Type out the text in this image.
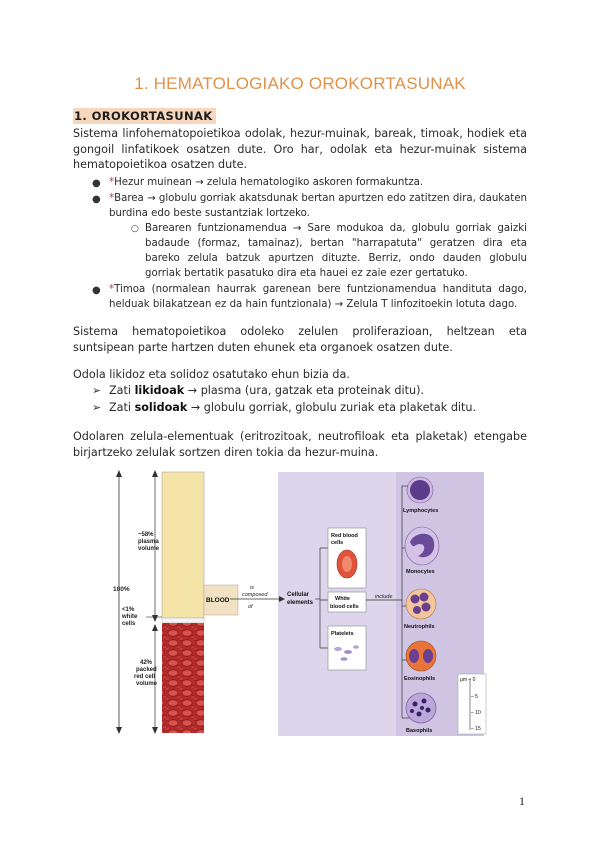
1. HEMATOLOGIAKO OROKORTASUNAK
1. OROKORTASUNAK
Sistema linfohematopoietikoa odolak, hezur-muinak, bareak, timoak, hodiek eta gongoil linfatikoek osatzen dute. Oro har, odolak eta hezur-muinak sistema hematopoietikoa osatzen dute.
● *Hezur muinean → zelula hematologiko askoren formakuntza.
● *Barea → globulu gorriak akatsdunak bertan apurtzen edo zatitzen dira, daukaten burdina edo beste sustantziak lortzeko.
○ Barearen funtzionamendua → Sare modukoa da, globulu gorriak gaizki badaude (formaz, tamainaz), bertan "harrapatuta" geratzen dira eta bareko zelula batzuk apurtzen dituzte. Berriz, ondo dauden globulu gorriak bertatik pasatuko dira eta hauei ez zaie ezer gertatuko.
● *Timoa (normalean haurrak garenean bere funtzionamendua handituta dago, helduak bilakatzean ez da hain funtzionala) → Zelula T linfozitoekin lotuta dago.
Sistema hematopoietikoa odoleko zelulen proliferazioan, heltzean eta suntsipean parte hartzen duten ehunek eta organoek osatzen dute.
Odola likidoz eta solidoz osatutako ehun bizia da.
➢ Zati likidoak → plasma (ura, gatzak eta proteinak ditu).
➢ Zati solidoak → globulu gorriak, globulu zuriak eta plaketak ditu.
Odolaren zelula-elementuak (eritrozitoak, neutrofiloak eta plaketak) etengabe birjartzeko zelulak sortzen diren tokia da hezur-muina.
100%
~58%
plasma
volume
<1%
white
cells
42%
packed
red cell
volume
BLOOD
is
composed
of
Cellular
elements
Red blood
cells
White
blood cells
include
Platelets
Lymphocytes
Monocytes
Neutrophils
Eosinophils
Basophils
μm – 0
– 5
– 10
– 15
1
